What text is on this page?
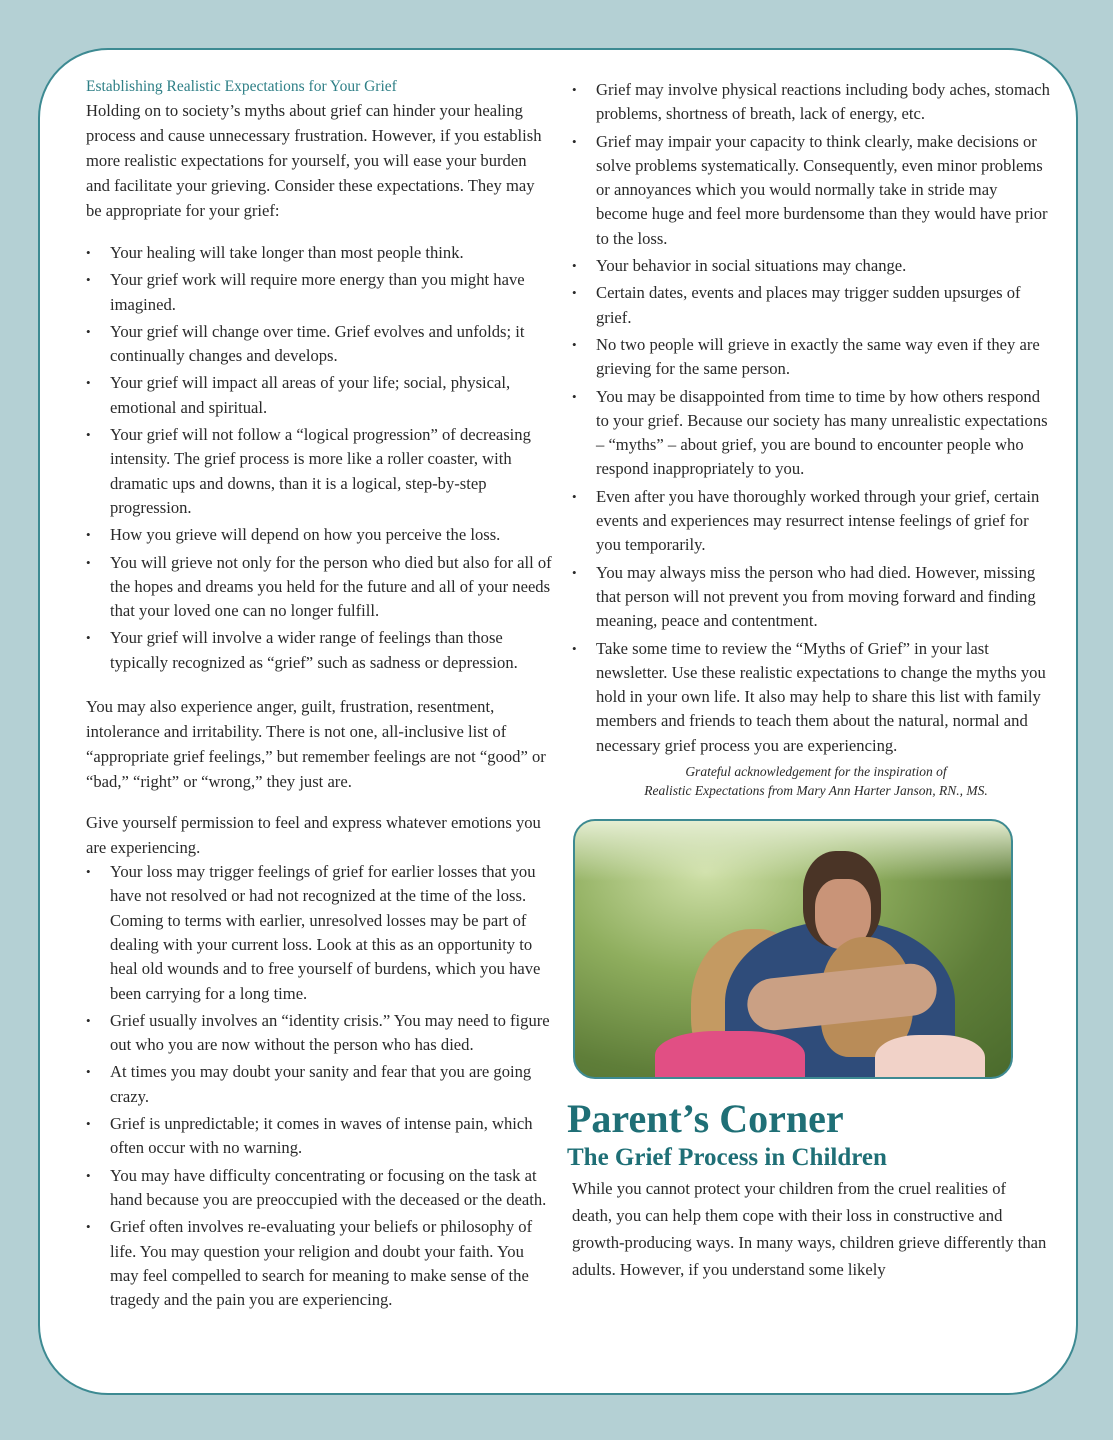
Establishing Realistic Expectations for Your Grief

Holding on to society’s myths about grief can hinder your healing process and cause unnecessary frustration. However, if you establish more realistic expectations for yourself, you will ease your burden and facilitate your grieving. Consider these expectations. They may be appropriate for your grief:

•	Your healing will take longer than most people think.
•	Your grief work will require more energy than you might have imagined.
•	Your grief will change over time. Grief evolves and unfolds; it continually changes and develops.
•	Your grief will impact all areas of your life; social, physical, emotional and spiritual.
•	Your grief will not follow a “logical progression” of decreasing intensity. The grief process is more like a roller coaster, with dramatic ups and downs, than it is a logical, step-by-step progression.
•	How you grieve will depend on how you perceive the loss.
•	You will grieve not only for the person who died but also for all of the hopes and dreams you held for the future and all of your needs that your loved one can no longer fulfill.
•	Your grief will involve a wider range of feelings than those typically recognized as “grief” such as sadness or depression.

You may also experience anger, guilt, frustration, resentment, intolerance and irritability. There is not one, all-inclusive list of “appropriate grief feelings,” but remember feelings are not “good” or “bad,” “right” or “wrong,” they just are.

Give yourself permission to feel and express whatever emotions you are experiencing.

•	Your loss may trigger feelings of grief for earlier losses that you have not resolved or had not recognized at the time of the loss. Coming to terms with earlier, unresolved losses may be part of dealing with your current loss. Look at this as an opportunity to heal old wounds and to free yourself of burdens, which you have been carrying for a long time.
•	Grief usually involves an “identity crisis.” You may need to figure out who you are now without the person who has died.
•	At times you may doubt your sanity and fear that you are going crazy.
•	Grief is unpredictable; it comes in waves of intense pain, which often occur with no warning.
•	You may have difficulty concentrating or focusing on the task at hand because you are preoccupied with the deceased or the death.
•	Grief often involves re-evaluating your beliefs or philosophy of life. You may question your religion and doubt your faith. You may feel compelled to search for meaning to make sense of the tragedy and the pain you are experiencing.
•	Grief may involve physical reactions including body aches, stomach problems, shortness of breath, lack of energy, etc.
•	Grief may impair your capacity to think clearly, make decisions or solve problems systematically. Consequently, even minor problems or annoyances which you would normally take in stride may become huge and feel more burdensome than they would have prior to the loss.
•	Your behavior in social situations may change.
•	Certain dates, events and places may trigger sudden upsurges of grief.
•	No two people will grieve in exactly the same way even if they are grieving for the same person.
•	You may be disappointed from time to time by how others respond to your grief. Because our society has many unrealistic expectations – “myths” – about grief, you are bound to encounter people who respond inappropriately to you.
•	Even after you have thoroughly worked through your grief, certain events and experiences may resurrect intense feelings of grief for you temporarily.
•	You may always miss the person who had died. However, missing that person will not prevent you from moving forward and finding meaning, peace and contentment.
•	Take some time to review the “Myths of Grief” in your last newsletter. Use these realistic expectations to change the myths you hold in your own life. It also may help to share this list with family members and friends to teach them about the natural, normal and necessary grief process you are experiencing.
Grateful acknowledgement for the inspiration of
Realistic Expectations from Mary Ann Harter Janson, RN., MS.
Parent’s Corner
The Grief Process in Children

While you cannot protect your children from the cruel realities of death, you can help them cope with their loss in constructive and growth-producing ways. In many ways, children grieve differently than adults. However, if you understand some likely
